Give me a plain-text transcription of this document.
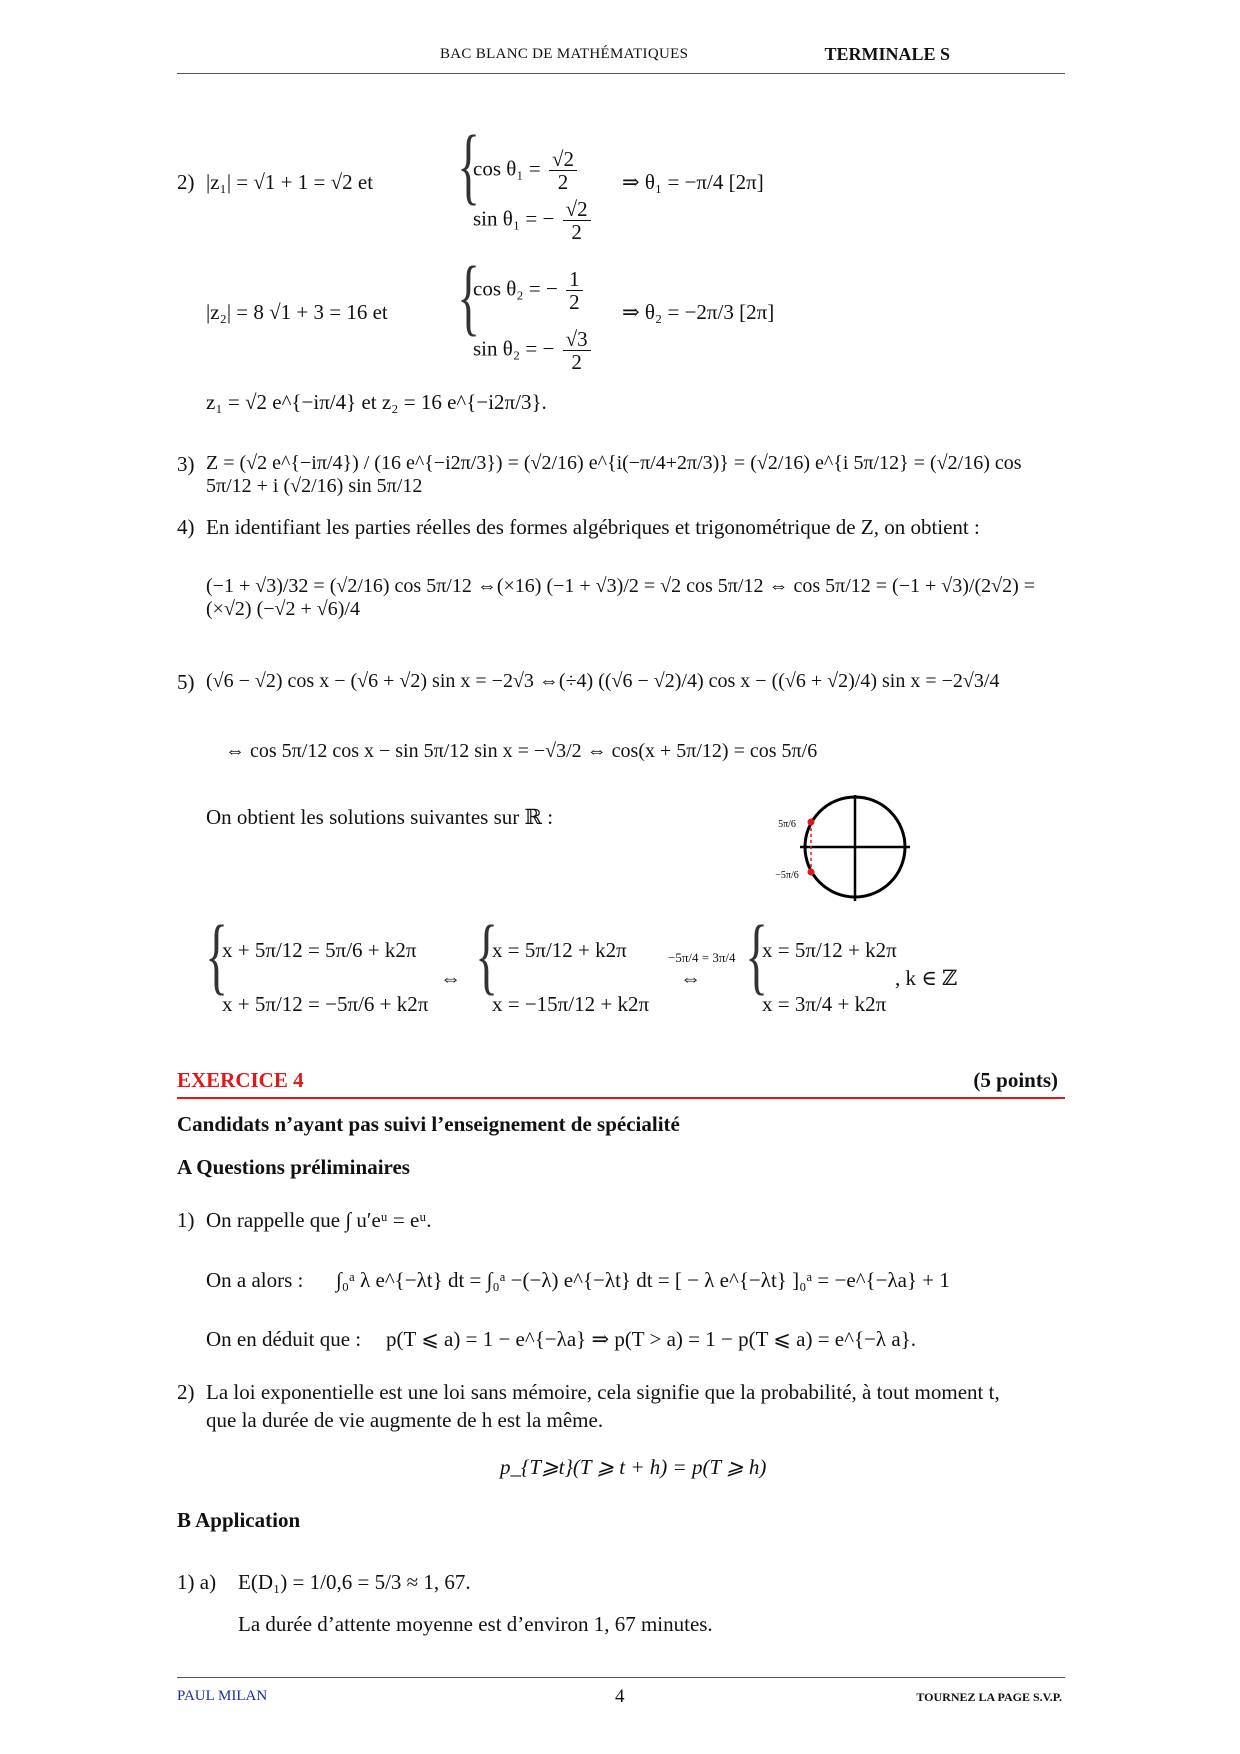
BAC BLANC DE MATHÉMATIQUES	TERMINALE S
2) |z₁| = √1 + 1 = √2 et {
$\cos \theta_1 = \frac{√2}{2}$
sin θ₁ = − $\frac{√2}{2}$
⇒ θ₁ = −π/4 [2π]
|z₂| = 8 √1 + 3 = 16 et {
cos θ₂ = − $\frac{1}{2}$
sin θ₂ = − $\frac{√3}{2}$
⇒ θ₂ = −2π/3 [2π]
z₁ = √2 e^{−iπ/4} et z₂ = 16 e^{−i2π/3}.
3) Z = (√2 e^{−iπ/4}) / (16 e^{−i2π/3}) = (√2/16) e^{i(−π/4+2π/3)} = (√2/16) e^{i 5π/12} = (√2/16) cos 5π/12 + i (√2/16) sin 5π/12
4) En identifiant les parties réelles des formes algébriques et trigonométrique de Z, on obtient :
(−1 + √3)/32 = (√2/16) cos 5π/12 ⇔(×16) (−1 + √3)/2 = √2 cos 5π/12 ⇔ cos 5π/12 = (−1 + √3)/(2√2) =(×√2) (−√2 + √6)/4
5) (√6 − √2) cos x − (√6 + √2) sin x = −2√3 ⇔(÷4) ((√6 − √2)/4) cos x − ((√6 + √2)/4) sin x = −2√3/4
⇔ cos 5π/12 cos x − sin 5π/12 sin x = −√3/2 ⇔ cos(x + 5π/12) = cos 5π/6
On obtient les solutions suivantes sur ℝ :	5π/6
−5π/6
{
x + 5π/12 = 5π/6 + k2π
x + 5π/12 = −5π/6 + k2π
⇔ {
x = 5π/12 + k2π
x = −15π/12 + k2π
−5π/4 = 3π/4
⇔ {
x = 5π/12 + k2π
x = 3π/4 + k2π
, k ∈ ℤ
EXERCICE 4	(5 points)
Candidats n’ayant pas suivi l’enseignement de spécialité
A Questions préliminaires
1) On rappelle que ∫ u′eᵘ = eᵘ.
On a alors : ∫₀ᵃ λ e^{−λt} dt = ∫₀ᵃ −(−λ) e^{−λt} dt = [ − λ e^{−λt} ]₀ᵃ = −e^{−λa} + 1
On en déduit que : p(T ⩽ a) = 1 − e^{−λa} ⇒ p(T > a) = 1 − p(T ⩽ a) = e^{−λ a}.
2) La loi exponentielle est une loi sans mémoire, cela signifie que la probabilité, à tout moment t,
que la durée de vie augmente de h est la même.
p_{T⩾t}(T ⩾ t + h) = p(T ⩾ h)
B Application
1) a) E(D₁) = 1/0,6 = 5/3 ≈ 1, 67.
La durée d’attente moyenne est d’environ 1, 67 minutes.
PAUL MILAN	4	TOURNEZ LA PAGE S.V.P.
